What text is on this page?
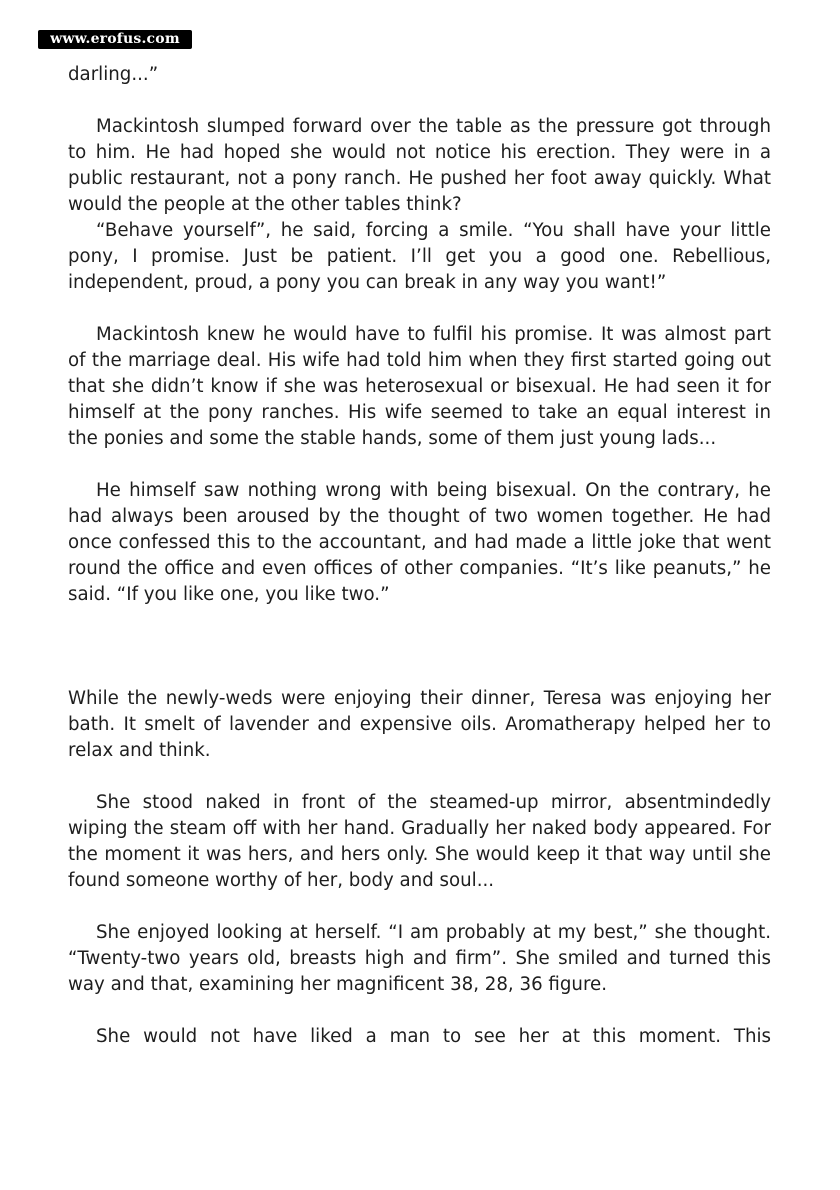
www.erofus.com

darling...”

Mackintosh slumped forward over the table as the pressure got through to him. He had hoped she would not notice his erection. They were in a public restaurant, not a pony ranch. He pushed her foot away quickly. What would the people at the other tables think?

“Behave yourself”, he said, forcing a smile. “You shall have your little pony, I promise. Just be patient. I’ll get you a good one. Rebellious, independent, proud, a pony you can break in any way you want!”

Mackintosh knew he would have to fulfil his promise. It was almost part of the marriage deal. His wife had told him when they first started going out that she didn’t know if she was heterosexual or bisexual. He had seen it for himself at the pony ranches. His wife seemed to take an equal interest in the ponies and some the stable hands, some of them just young lads...

He himself saw nothing wrong with being bisexual. On the contrary, he had always been aroused by the thought of two women together. He had once confessed this to the accountant, and had made a little joke that went round the office and even offices of other companies. “It’s like peanuts,” he said. “If you like one, you like two.”

While the newly-weds were enjoying their dinner, Teresa was enjoying her bath. It smelt of lavender and expensive oils. Aromatherapy helped her to relax and think.

She stood naked in front of the steamed-up mirror, absentmindedly wiping the steam off with her hand. Gradually her naked body appeared. For the moment it was hers, and hers only. She would keep it that way until she found someone worthy of her, body and soul...

She enjoyed looking at herself. “I am probably at my best,” she thought. “Twenty-two years old, breasts high and firm”. She smiled and turned this way and that, examining her magnificent 38, 28, 36 figure.

She would not have liked a man to see her at this moment. This
